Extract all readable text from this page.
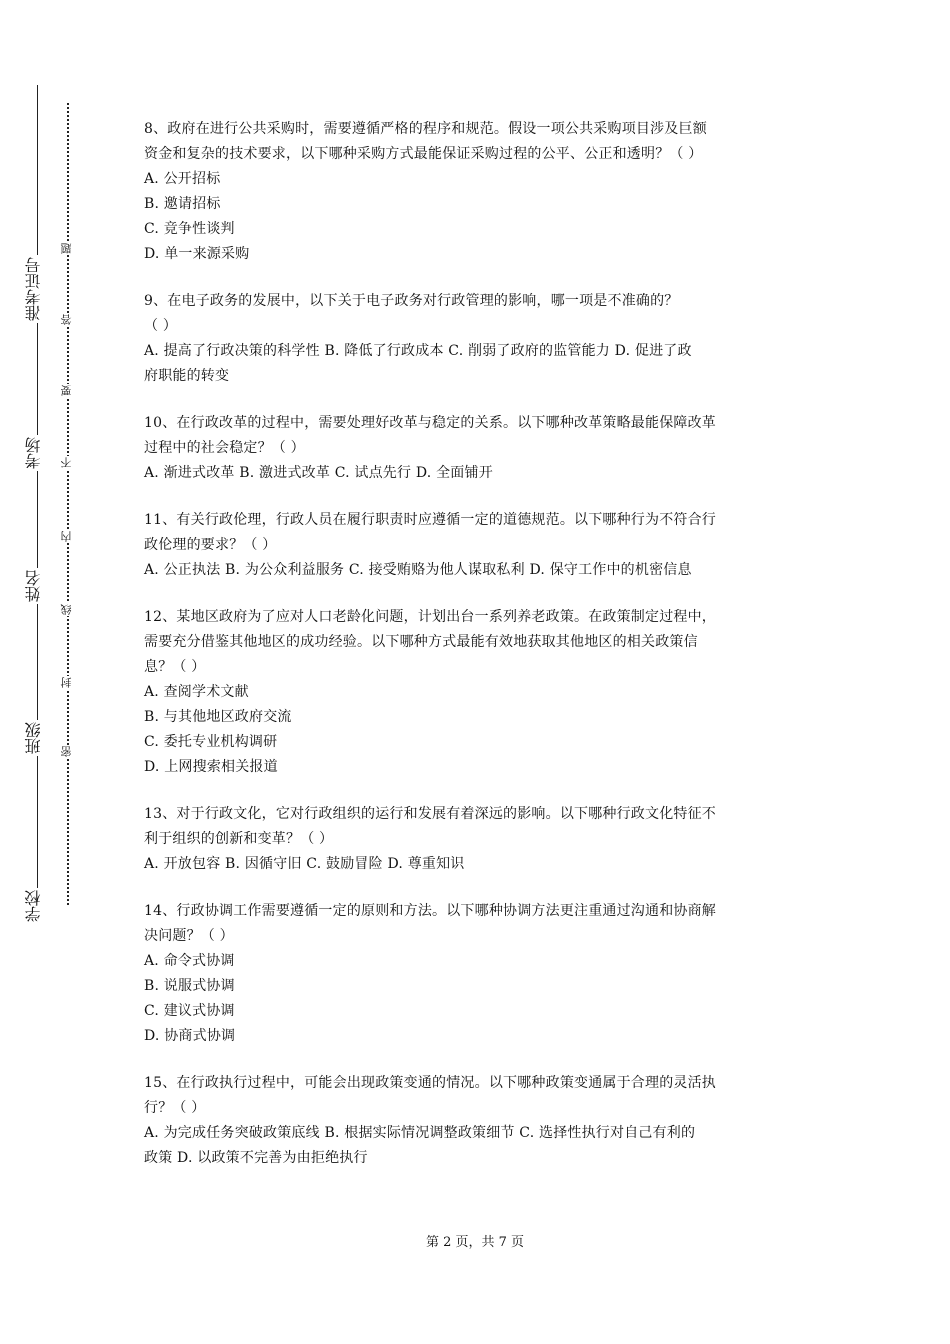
准考证号
考场
姓名
班级
学校
题
答
要
不
内
线
封
密
8、政府在进行公共采购时，需要遵循严格的程序和规范。假设一项公共采购项目涉及巨额
资金和复杂的技术要求，以下哪种采购方式最能保证采购过程的公平、公正和透明？（ ）
A. 公开招标
B. 邀请招标
C. 竞争性谈判
D. 单一来源采购
9、在电子政务的发展中，以下关于电子政务对行政管理的影响，哪一项是不准确的？
（ ）
A. 提高了行政决策的科学性 B. 降低了行政成本 C. 削弱了政府的监管能力 D. 促进了政
府职能的转变
10、在行政改革的过程中，需要处理好改革与稳定的关系。以下哪种改革策略最能保障改革
过程中的社会稳定？（ ）
A. 渐进式改革 B. 激进式改革 C. 试点先行 D. 全面铺开
11、有关行政伦理，行政人员在履行职责时应遵循一定的道德规范。以下哪种行为不符合行
政伦理的要求？（ ）
A. 公正执法 B. 为公众利益服务 C. 接受贿赂为他人谋取私利 D. 保守工作中的机密信息
12、某地区政府为了应对人口老龄化问题，计划出台一系列养老政策。在政策制定过程中，
需要充分借鉴其他地区的成功经验。以下哪种方式最能有效地获取其他地区的相关政策信
息？（ ）
A. 查阅学术文献
B. 与其他地区政府交流
C. 委托专业机构调研
D. 上网搜索相关报道
13、对于行政文化，它对行政组织的运行和发展有着深远的影响。以下哪种行政文化特征不
利于组织的创新和变革？（ ）
A. 开放包容 B. 因循守旧 C. 鼓励冒险 D. 尊重知识
14、行政协调工作需要遵循一定的原则和方法。以下哪种协调方法更注重通过沟通和协商解
决问题？（ ）
A. 命令式协调
B. 说服式协调
C. 建议式协调
D. 协商式协调
15、在行政执行过程中，可能会出现政策变通的情况。以下哪种政策变通属于合理的灵活执
行？（ ）
A. 为完成任务突破政策底线 B. 根据实际情况调整政策细节 C. 选择性执行对自己有利的
政策 D. 以政策不完善为由拒绝执行
第 2 页，共 7 页
